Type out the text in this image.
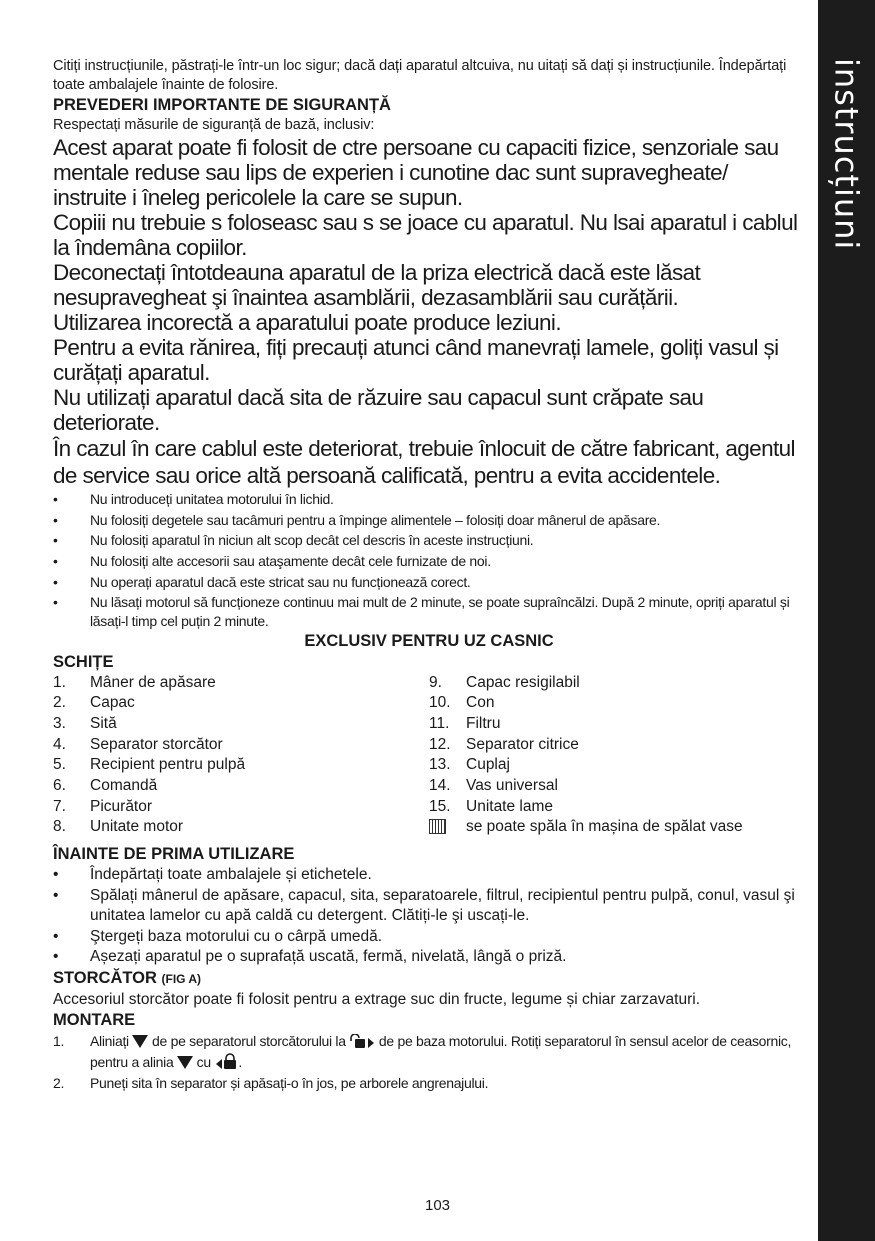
instrucțiuni

Citiți instrucțiunile, păstrați-le într-un loc sigur; dacă dați aparatul altcuiva, nu uitați să dați și instrucțiunile. Îndepărtați toate ambalajele înainte de folosire.

PREVEDERI IMPORTANTE DE SIGURANȚĂ

Respectați măsurile de siguranță de bază, inclusiv:

Acest aparat poate fi folosit de ctre persoane cu capaciti fizice, senzoriale sau mentale reduse sau lips de experien i cunotine dac sunt supravegheate/ instruite i îneleg pericolele la care se supun.

Copiii nu trebuie s foloseasc sau s se joace cu aparatul. Nu lsai aparatul i cablul la îndemâna copiilor.

Deconectați întotdeauna aparatul de la priza electrică dacă este lăsat nesupravegheat şi înaintea asamblării, dezasamblării sau curățării.

Utilizarea incorectă a aparatului poate produce leziuni.

Pentru a evita rănirea, fiți precauți atunci când manevrați lamele, goliți vasul și curățați aparatul.

Nu utilizați aparatul dacă sita de răzuire sau capacul sunt crăpate sau deteriorate.

În cazul în care cablul este deteriorat, trebuie înlocuit de către fabricant, agentul de service sau orice altă persoană calificată, pentru a evita accidentele.

• Nu introduceți unitatea motorului în lichid.
• Nu folosiți degetele sau tacâmuri pentru a împinge alimentele – folosiți doar mânerul de apăsare.
• Nu folosiți aparatul în niciun alt scop decât cel descris în aceste instrucțiuni.
• Nu folosiți alte accesorii sau ataşamente decât cele furnizate de noi.
• Nu operați aparatul dacă este stricat sau nu funcționează corect.
• Nu lăsați motorul să funcționeze continuu mai mult de 2 minute, se poate supraîncălzi. După 2 minute, opriți aparatul și lăsați-l timp cel puțin 2 minute.
EXCLUSIV PENTRU UZ CASNIC
SCHIȚE
1.	Mâner de apăsare
2.	Capac
3.	Sită
4.	Separator storcător
5.	Recipient pentru pulpă
6.	Comandă
7.	Picurător
8.	Unitate motor
9.	Capac resigilabil
10. Con
11.	Filtru
12. Separator citrice
13. Cuplaj
14. Vas universal
15. Unitate lame
se poate spăla în mașina de spălat vase
ÎNAINTE DE PRIMA UTILIZARE
• Îndepărtați toate ambalajele și etichetele.
• Spălați mânerul de apăsare, capacul, sita, separatoarele, filtrul, recipientul pentru pulpă, conul, vasul şi unitatea lamelor cu apă caldă cu detergent. Clătiți-le şi uscați-le.
• Ştergeți baza motorului cu o cârpă umedă.
• Așezați aparatul pe o suprafață uscată, fermă, nivelată, lângă o priză.
STORCĂTOR (FIG A)

Accesoriul storcător poate fi folosit pentru a extrage suc din fructe, legume și chiar zarzavaturi.

MONTARE
1. Aliniați de pe separatorul storcătorului la de pe baza motorului. Rotiți separatorul în sensul acelor de ceasornic, pentru a alinia cu .
2. Puneți sita în separator și apăsați-o în jos, pe arborele angrenajului.
103
